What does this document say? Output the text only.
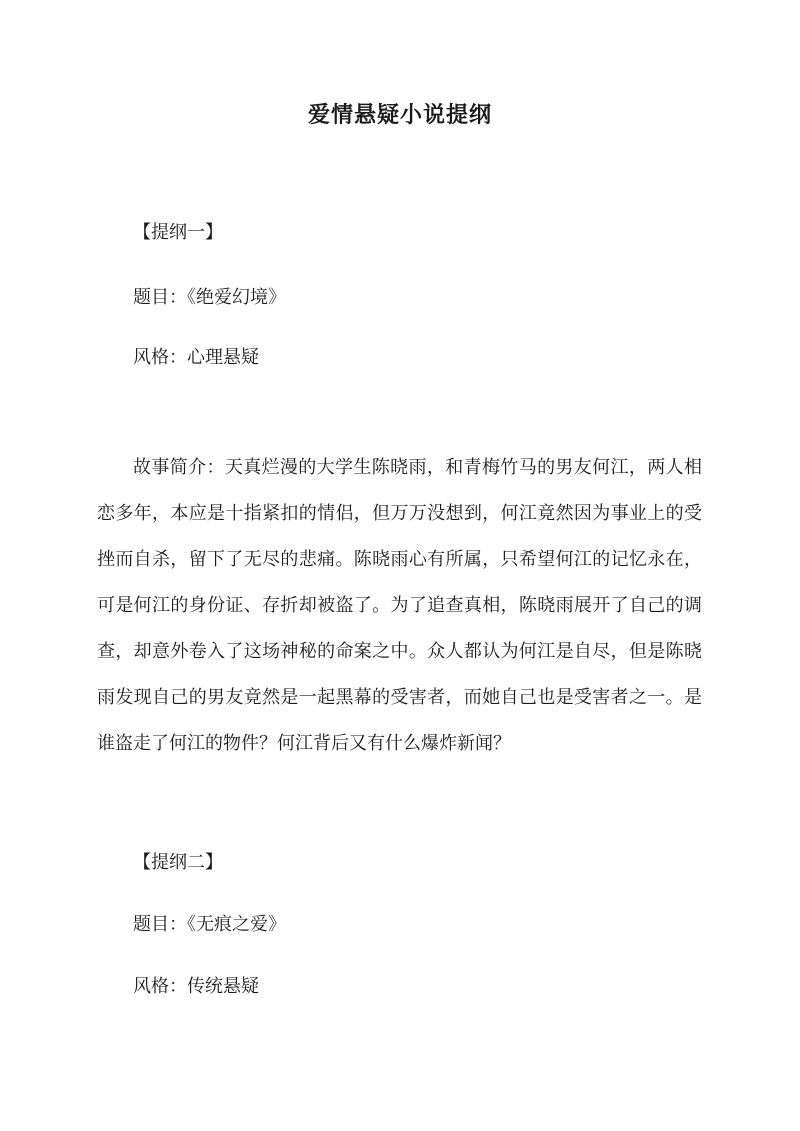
爱情悬疑小说提纲
【提纲一】
题目：《绝爱幻境》
风格：心理悬疑

故事简介：天真烂漫的大学生陈晓雨，和青梅竹马的男友何江，两人相恋多年，本应是十指紧扣的情侣，但万万没想到，何江竟然因为事业上的受挫而自杀，留下了无尽的悲痛。陈晓雨心有所属，只希望何江的记忆永在，可是何江的身份证、存折却被盗了。为了追查真相，陈晓雨展开了自己的调查，却意外卷入了这场神秘的命案之中。众人都认为何江是自尽，但是陈晓雨发现自己的男友竟然是一起黑幕的受害者，而她自己也是受害者之一。是谁盗走了何江的物件？何江背后又有什么爆炸新闻？

【提纲二】
题目：《无痕之爱》
风格：传统悬疑
